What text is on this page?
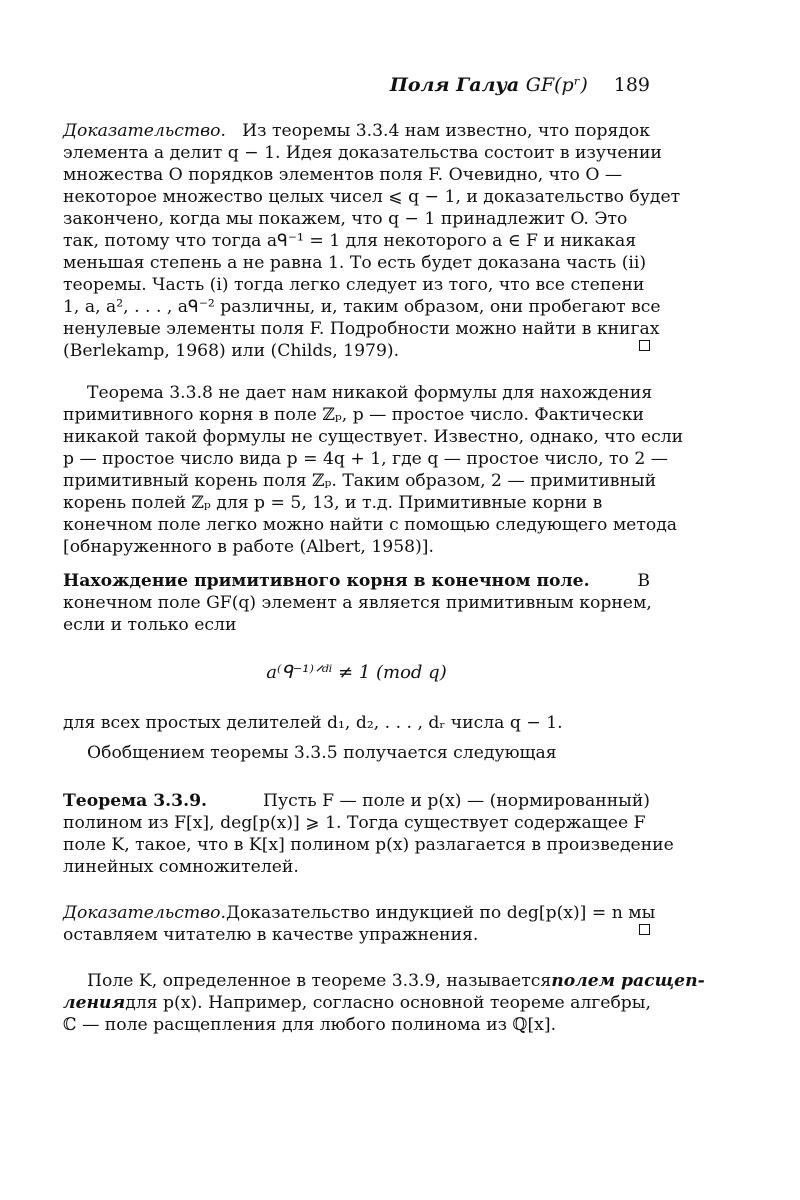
Поля Галуа GF(pʳ) 189
Доказательство. Из теоремы 3.3.4 нам известно, что порядок
элемента a делит q − 1. Идея доказательства состоит в изучении
множества O порядков элементов поля F. Очевидно, что O —
некоторое множество целых чисел ⩽ q − 1, и доказательство будет
закончено, когда мы покажем, что q − 1 принадлежит O. Это
так, потому что тогда aᑫ⁻¹ = 1 для некоторого a ∈ F и никакая
меньшая степень a не равна 1. То есть будет доказана часть (ii)
теоремы. Часть (i) тогда легко следует из того, что все степени
1, a, a², . . . , aᑫ⁻² различны, и, таким образом, они пробегают все
ненулевые элементы поля F. Подробности можно найти в книгах
(Berlekamp, 1968) или (Childs, 1979).
Теорема 3.3.8 не дает нам никакой формулы для нахождения
примитивного корня в поле ℤₚ, p — простое число. Фактически
никакой такой формулы не существует. Известно, однако, что если
p — простое число вида p = 4q + 1, где q — простое число, то 2 —
примитивный корень поля ℤₚ. Таким образом, 2 — примитивный
корень полей ℤₚ для p = 5, 13, и т.д. Примитивные корни в
конечном поле легко можно найти с помощью следующего метода
[обнаруженного в работе (Albert, 1958)].
Нахождение примитивного корня в конечном поле.	В
конечном поле GF(q) элемент a является примитивным корнем,
если и только если
a⁽ᑫ⁻¹⁾ᐟᵈⁱ ≠ 1 (mod q)
для всех простых делителей d₁, d₂, . . . , dᵣ числа q − 1.
Обобщением теоремы 3.3.5 получается следующая
Теорема 3.3.9.	Пусть F — поле и p(x) — (нормированный)
полином из F[x], deg[p(x)] ⩾ 1. Тогда существует содержащее F
поле K, такое, что в K[x] полином p(x) разлагается в произведение
линейных сомножителей.
Доказательство. Доказательство индукцией по deg[p(x)] = n мы
оставляем читателю в качестве упражнения.
Поле K, определенное в теореме 3.3.9, называется полем расщеп-
ления для p(x). Например, согласно основной теореме алгебры,
ℂ — поле расщепления для любого полинома из ℚ[x].
